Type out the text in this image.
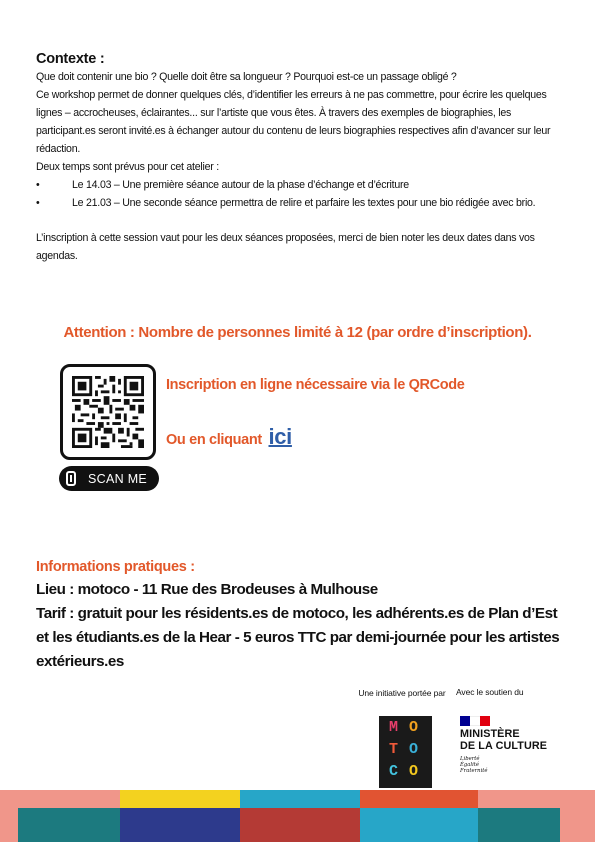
Contexte :

Que doit contenir une bio ? Quelle doit être sa longueur ? Pourquoi est-ce un passage obligé ?

Ce workshop permet de donner quelques clés, d’identifier les erreurs à ne pas commettre, pour écrire les quelques lignes – accrocheuses, éclairantes... sur l’artiste que vous êtes. À travers des exemples de biographies, les participant.es seront invité.es à échanger autour du contenu de leurs biographies respectives afin d’avancer sur leur rédaction.

Deux temps sont prévus pour cet atelier :

•	Le 14.03 – Une première séance autour de la phase d’échange et d’écriture
•	Le 21.03 – Une seconde séance permettra de relire et parfaire les textes pour une bio rédigée avec brio.

L’inscription à cette session vaut pour les deux séances proposées, merci de bien noter les deux dates dans vos agendas.

Attention : Nombre de personnes limité à 12 (par ordre d’inscription).
SCAN ME
Inscription en ligne nécessaire via le QRCode
Ou en cliquant ici
Informations pratiques :
Lieu : motoco - 11 Rue des Brodeuses à Mulhouse
Tarif : gratuit pour les résidents.es de motoco, les adhérents.es de Plan d’Est
et les étudiants.es de la Hear - 5 euros TTC par demi-journée pour les artistes
extérieurs.es
Une initiative portée par	Avec le soutien du
M O
T O
C O
MINISTÈRE
DE LA CULTURE
Liberté
Égalité
Fraternité
